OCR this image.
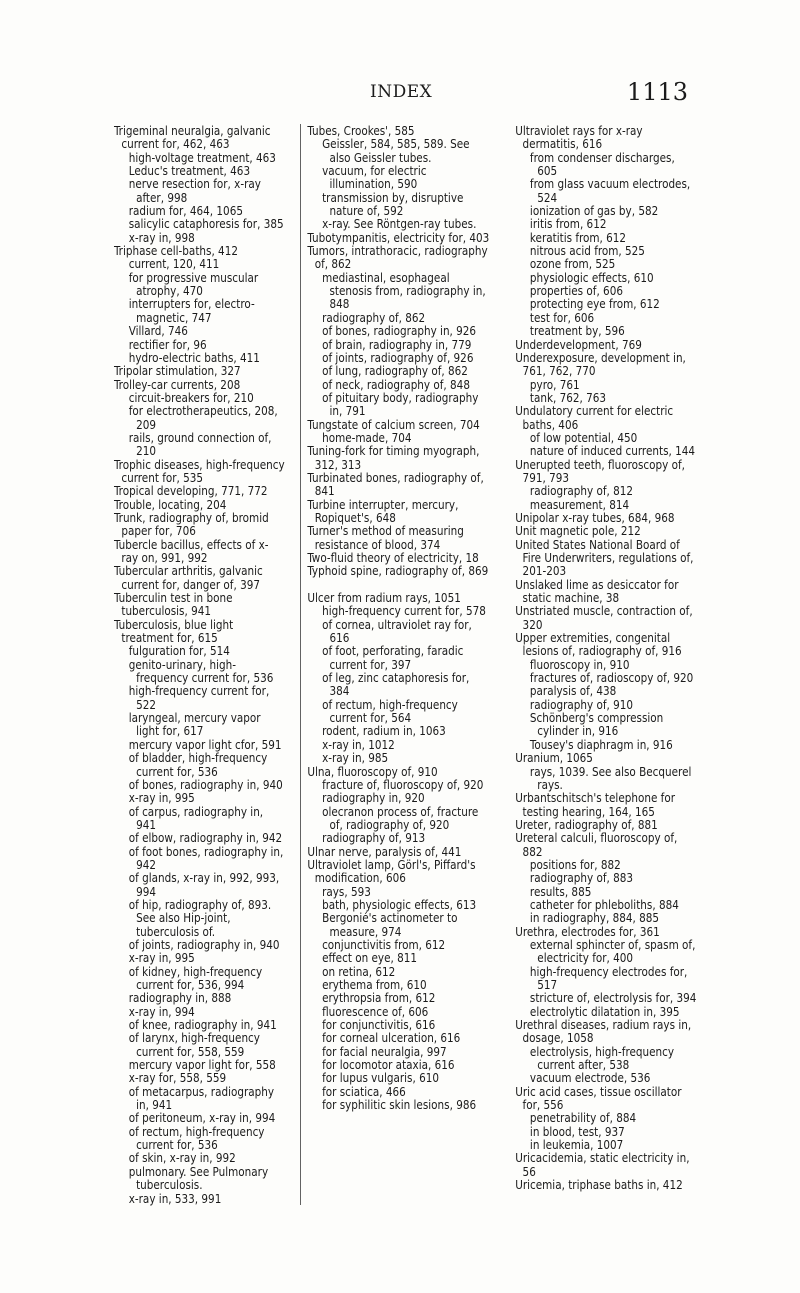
INDEX	1113

Trigeminal neuralgia, galvanic current for, 462, 463

high-voltage treatment, 463

Leduc's treatment, 463

nerve resection for, x-ray after, 998

radium for, 464, 1065

salicylic cataphoresis for, 385

x-ray in, 998

Triphase cell-baths, 412

current, 120, 411

for progressive muscular atrophy, 470

interrupters for, electro-magnetic, 747

Villard, 746

rectifier for, 96

hydro-electric baths, 411

Tripolar stimulation, 327

Trolley-car currents, 208

circuit-breakers for, 210

for electrotherapeutics, 208, 209

rails, ground connection of, 210

Trophic diseases, high-frequency current for, 535

Tropical developing, 771, 772

Trouble, locating, 204

Trunk, radiography of, bromid paper for, 706

Tubercle bacillus, effects of x-ray on, 991, 992

Tubercular arthritis, galvanic current for, danger of, 397

Tuberculin test in bone tuberculosis, 941

Tuberculosis, blue light treatment for, 615

fulguration for, 514

genito-urinary, high-frequency current for, 536

high-frequency current for, 522

laryngeal, mercury vapor light for, 617

mercury vapor light cfor, 591

of bladder, high-frequency current for, 536

of bones, radiography in, 940

x-ray in, 995

of carpus, radiography in, 941

of elbow, radiography in, 942

of foot bones, radiography in, 942

of glands, x-ray in, 992, 993, 994

of hip, radiography of, 893. See also Hip-joint, tuberculosis of.

of joints, radiography in, 940

x-ray in, 995

of kidney, high-frequency current for, 536, 994

radiography in, 888

x-ray in, 994

of knee, radiography in, 941

of larynx, high-frequency current for, 558, 559

mercury vapor light for, 558

x-ray for, 558, 559

of metacarpus, radiography in, 941

of peritoneum, x-ray in, 994

of rectum, high-frequency current for, 536

of skin, x-ray in, 992

pulmonary. See Pulmonary tuberculosis.

x-ray in, 533, 991

Tubes, Crookes', 585

Geissler, 584, 585, 589. See also Geissler tubes.

vacuum, for electric illumination, 590

transmission by, disruptive nature of, 592

x-ray. See Röntgen-ray tubes.

Tubotympanitis, electricity for, 403

Tumors, intrathoracic, radiography of, 862

mediastinal, esophageal stenosis from, radiography in, 848

radiography of, 862

of bones, radiography in, 926

of brain, radiography in, 779

of joints, radiography of, 926

of lung, radiography of, 862

of neck, radiography of, 848

of pituitary body, radiography in, 791

Tungstate of calcium screen, 704

home-made, 704

Tuning-fork for timing myograph, 312, 313

Turbinated bones, radiography of, 841

Turbine interrupter, mercury, Ropiquet's, 648

Turner's method of measuring resistance of blood, 374

Two-fluid theory of electricity, 18

Typhoid spine, radiography of, 869

Ulcer from radium rays, 1051

high-frequency current for, 578

of cornea, ultraviolet ray for, 616

of foot, perforating, faradic current for, 397

of leg, zinc cataphoresis for, 384

of rectum, high-frequency current for, 564

rodent, radium in, 1063

x-ray in, 1012

x-ray in, 985

Ulna, fluoroscopy of, 910

fracture of, fluoroscopy of, 920

radiography in, 920

olecranon process of, fracture of, radiography of, 920

radiography of, 913

Ulnar nerve, paralysis of, 441

Ultraviolet lamp, Görl's, Piffard's modification, 606

rays, 593

bath, physiologic effects, 613

Bergonié's actinometer to measure, 974

conjunctivitis from, 612

effect on eye, 811

on retina, 612

erythema from, 610

erythropsia from, 612

fluorescence of, 606

for conjunctivitis, 616

for corneal ulceration, 616

for facial neuralgia, 997

for locomotor ataxia, 616

for lupus vulgaris, 610

for sciatica, 466

for syphilitic skin lesions, 986

Ultraviolet rays for x-ray dermatitis, 616

from condenser discharges, 605

from glass vacuum electrodes, 524

ionization of gas by, 582

iritis from, 612

keratitis from, 612

nitrous acid from, 525

ozone from, 525

physiologic effects, 610

properties of, 606

protecting eye from, 612

test for, 606

treatment by, 596

Underdevelopment, 769

Underexposure, development in, 761, 762, 770

pyro, 761

tank, 762, 763

Undulatory current for electric baths, 406

of low potential, 450

nature of induced currents, 144

Unerupted teeth, fluoroscopy of, 791, 793

radiography of, 812

measurement, 814

Unipolar x-ray tubes, 684, 968

Unit magnetic pole, 212

United States National Board of Fire Underwriters, regulations of, 201-203

Unslaked lime as desiccator for static machine, 38

Unstriated muscle, contraction of, 320

Upper extremities, congenital lesions of, radiography of, 916

fluoroscopy in, 910

fractures of, radioscopy of, 920

paralysis of, 438

radiography of, 910

Schönberg's compression cylinder in, 916

Tousey's diaphragm in, 916

Uranium, 1065

rays, 1039. See also Becquerel rays.

Urbantschitsch's telephone for testing hearing, 164, 165

Ureter, radiography of, 881

Ureteral calculi, fluoroscopy of, 882

positions for, 882

radiography of, 883

results, 885

catheter for phleboliths, 884

in radiography, 884, 885

Urethra, electrodes for, 361

external sphincter of, spasm of, electricity for, 400

high-frequency electrodes for, 517

stricture of, electrolysis for, 394

electrolytic dilatation in, 395

Urethral diseases, radium rays in, dosage, 1058

electrolysis, high-frequency current after, 538

vacuum electrode, 536

Uric acid cases, tissue oscillator for, 556

penetrability of, 884

in blood, test, 937

in leukemia, 1007

Uricacidemia, static electricity in, 56

Uricemia, triphase baths in, 412
